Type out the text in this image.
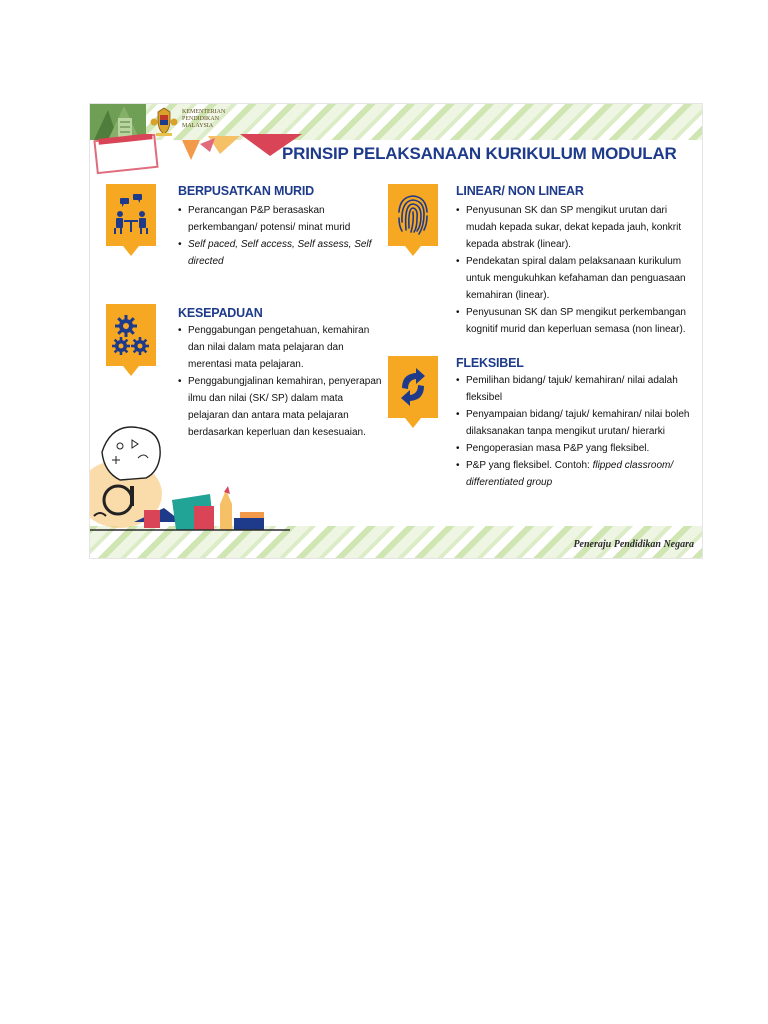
KEMENTERIAN
PENDIDIKAN
MALAYSIA
PRINSIP PELAKSANAAN KURIKULUM MODULAR
BERPUSATKAN MURID
• Perancangan P&P berasaskan perkembangan/ potensi/ minat murid
• Self paced, Self access, Self assess, Self directed
KESEPADUAN
• Penggabungan pengetahuan, kemahiran dan nilai dalam mata pelajaran dan merentasi mata pelajaran.
• Penggabungjalinan kemahiran, penyerapan ilmu dan nilai (SK/ SP) dalam mata pelajaran dan antara mata pelajaran berdasarkan keperluan dan kesesuaian.
LINEAR/ NON LINEAR
• Penyusunan SK dan SP mengikut urutan dari mudah kepada sukar, dekat kepada jauh, konkrit kepada abstrak (linear).
• Pendekatan spiral dalam pelaksanaan kurikulum untuk mengukuhkan kefahaman dan penguasaan kemahiran (linear).
• Penyusunan SK dan SP mengikut perkembangan kognitif murid dan keperluan semasa (non linear).
FLEKSIBEL
• Pemilihan bidang/ tajuk/ kemahiran/ nilai adalah fleksibel
• Penyampaian bidang/ tajuk/ kemahiran/ nilai boleh dilaksanakan tanpa mengikut urutan/ hierarki
• Pengoperasian masa P&P yang fleksibel.
• P&P yang fleksibel. Contoh: flipped classroom/ differentiated group
Peneraju Pendidikan Negara
